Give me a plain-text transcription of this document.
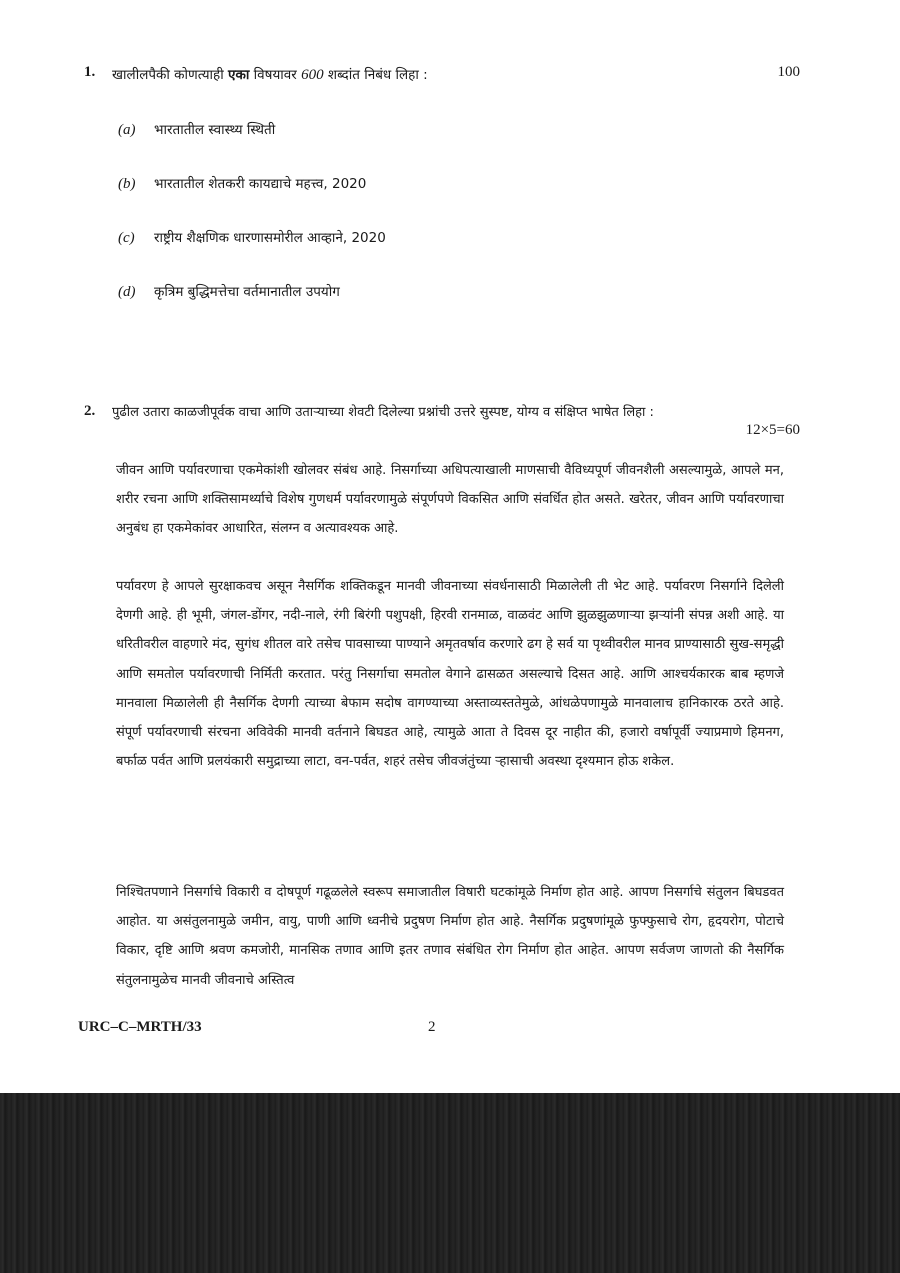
1. खालीलपैकी कोणत्याही एका विषयावर 600 शब्दांत निबंध लिहा :	100
(a) भारतातील स्वास्थ्य स्थिती
(b) भारतातील शेतकरी कायद्याचे महत्त्व, 2020
(c) राष्ट्रीय शैक्षणिक धारणासमोरील आव्हाने, 2020
(d) कृत्रिम बुद्धिमत्तेचा वर्तमानातील उपयोग
2. पुढील उतारा काळजीपूर्वक वाचा आणि उताऱ्याच्या शेवटी दिलेल्या प्रश्नांची उत्तरे सुस्पष्ट, योग्य व संक्षिप्त भाषेत लिहा :
12×5=60

जीवन आणि पर्यावरणाचा एकमेकांशी खोलवर संबंध आहे. निसर्गाच्या अधिपत्याखाली माणसाची वैविध्यपूर्ण जीवनशैली असल्यामुळे, आपले मन, शरीर रचना आणि शक्तिसामर्थ्याचे विशेष गुणधर्म पर्यावरणामुळे संपूर्णपणे विकसित आणि संवर्धित होत असते. खरेतर, जीवन आणि पर्यावरणाचा अनुबंध हा एकमेकांवर आधारित, संलग्न व अत्यावश्यक आहे.

पर्यावरण हे आपले सुरक्षाकवच असून नैसर्गिक शक्तिकडून मानवी जीवनाच्या संवर्धनासाठी मिळालेली ती भेट आहे. पर्यावरण निसर्गाने दिलेली देणगी आहे. ही भूमी, जंगल-डोंगर, नदी-नाले, रंगी बिरंगी पशुपक्षी, हिरवी रानमाळ, वाळवंट आणि झुळझुळणाऱ्या झऱ्यांनी संपन्न अशी आहे. या धरितीवरील वाहणारे मंद, सुगंध शीतल वारे तसेच पावसाच्या पाण्याने अमृतवर्षाव करणारे ढग हे सर्व या पृथ्वीवरील मानव प्राण्यासाठी सुख-समृद्धी आणि समतोल पर्यावरणाची निर्मिती करतात. परंतु निसर्गाचा समतोल वेगाने ढासळत असल्याचे दिसत आहे. आणि आश्चर्यकारक बाब म्हणजे मानवाला मिळालेली ही नैसर्गिक देणगी त्याच्या बेफाम सदोष वागण्याच्या अस्ताव्यस्ततेमुळे, आंधळेपणामुळे मानवालाच हानिकारक ठरते आहे. संपूर्ण पर्यावरणाची संरचना अविवेकी मानवी वर्तनाने बिघडत आहे, त्यामुळे आता ते दिवस दूर नाहीत की, हजारो वर्षापूर्वी ज्याप्रमाणे हिमनग, बर्फाळ पर्वत आणि प्रलयंकारी समुद्राच्या लाटा, वन-पर्वत, शहरं तसेच जीवजंतुंच्या ऱ्हासाची अवस्था दृश्यमान होऊ शकेल.

निश्चितपणाने निसर्गाचे विकारी व दोषपूर्ण गढूळलेले स्वरूप समाजातील विषारी घटकांमूळे निर्माण होत आहे. आपण निसर्गाचे संतुलन बिघडवत आहोत. या असंतुलनामुळे जमीन, वायु, पाणी आणि ध्वनीचे प्रदुषण निर्माण होत आहे. नैसर्गिक प्रदुषणांमूळे फुफ्फुसाचे रोग, हृदयरोग, पोटाचे विकार, दृष्टि आणि श्रवण कमजोरी, मानसिक तणाव आणि इतर तणाव संबंधित रोग निर्माण होत आहेत. आपण सर्वजण जाणतो की नैसर्गिक संतुलनामुळेच मानवी जीवनाचे अस्तित्व

URC–C–MRTH/33	2
